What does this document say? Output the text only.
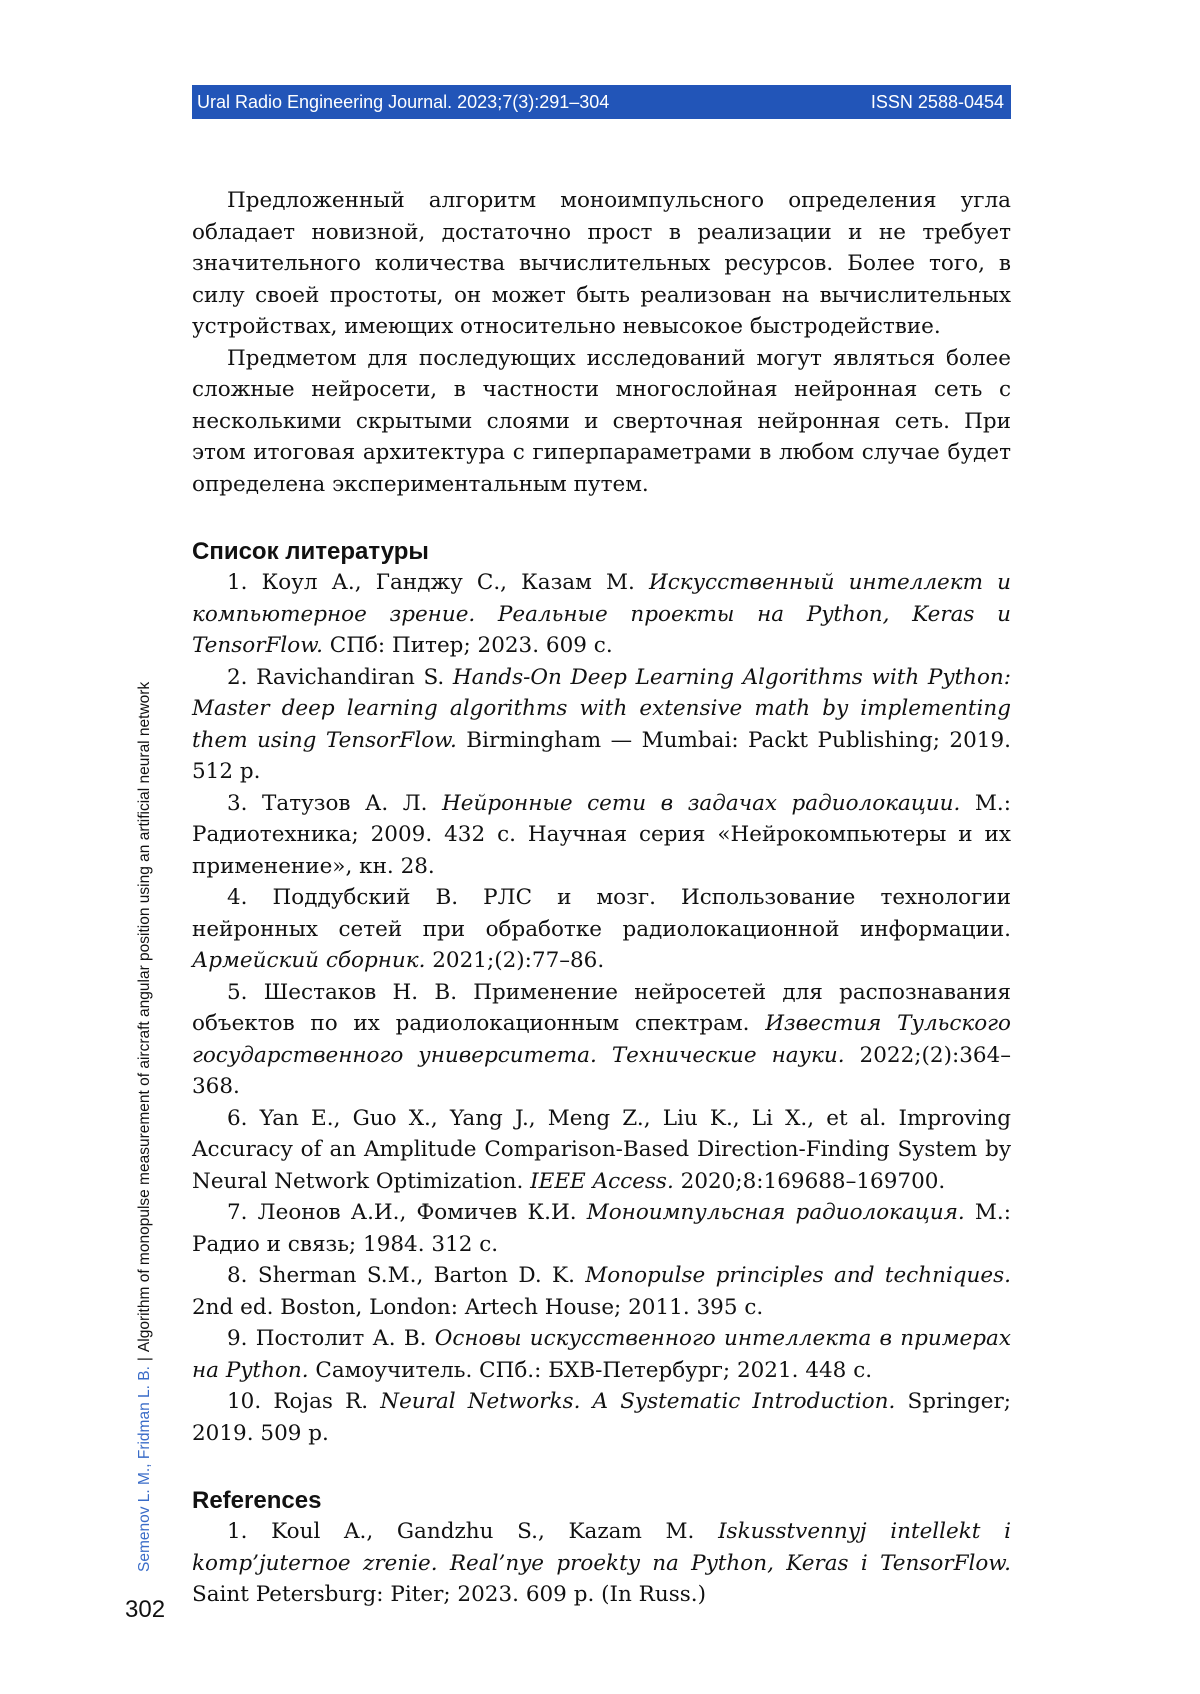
Ural Radio Engineering Journal. 2023;7(3):291–304	ISSN 2588-0454

Предложенный алгоритм моноимпульсного определения угла обладает новизной, достаточно прост в реализации и не требует значительного количества вычислительных ресурсов. Более того, в силу своей простоты, он может быть реализован на вычислительных устройствах, имеющих относительно невысокое быстродействие.

Предметом для последующих исследований могут являться более сложные нейросети, в частности многослойная нейронная сеть с несколькими скрытыми слоями и сверточная нейронная сеть. При этом итоговая архитектура с гиперпараметрами в любом случае будет определена экспериментальным путем.

Список литературы
1. Коул А., Ганджу С., Казам М. Искусственный интеллект и компьютерное зрение. Реальные проекты на Python, Keras и TensorFlow. СПб: Питер; 2023. 609 с.
2. Ravichandiran S. Hands-On Deep Learning Algorithms with Python: Master deep learning algorithms with extensive math by implementing them using TensorFlow. Birmingham — Mumbai: Packt Publishing; 2019. 512 p.
3. Татузов А. Л. Нейронные сети в задачах радиолокации. М.: Радиотехника; 2009. 432 с. Научная серия «Нейрокомпьютеры и их применение», кн. 28.
4. Поддубский В. РЛС и мозг. Использование технологии нейронных сетей при обработке радиолокационной информации. Армейский сборник. 2021;(2):77–86.
5. Шестаков Н. В. Применение нейросетей для распознавания объектов по их радиолокационным спектрам. Известия Тульского государственного университета. Технические науки. 2022;(2):364–368.
6. Yan E., Guo X., Yang J., Meng Z., Liu K., Li X., et al. Improving Accuracy of an Amplitude Comparison-Based Direction-Finding System by Neural Network Optimization. IEEE Access. 2020;8:169688–169700.
7. Леонов А.И., Фомичев К.И. Моноимпульсная радиолокация. М.: Радио и связь; 1984. 312 с.
8. Sherman S.M., Barton D. K. Monopulse principles and techniques. 2nd ed. Boston, London: Artech House; 2011. 395 c.
9. Постолит А. В. Основы искусственного интеллекта в примерах на Python. Самоучитель. СПб.: БХВ-Петербург; 2021. 448 с.
10. Rojas R. Neural Networks. A Systematic Introduction. Springer; 2019. 509 p.
References
1. Koul A., Gandzhu S., Kazam M. Iskusstvennyj intellekt i komp’juternoe zrenie. Real’nye proekty na Python, Keras i TensorFlow. Saint Petersburg: Piter; 2023. 609 p. (In Russ.)
Semenov L. M., Fridman L. B.|Algorithm of monopulse measurement of aircraft angular position using an artificial neural network
302
